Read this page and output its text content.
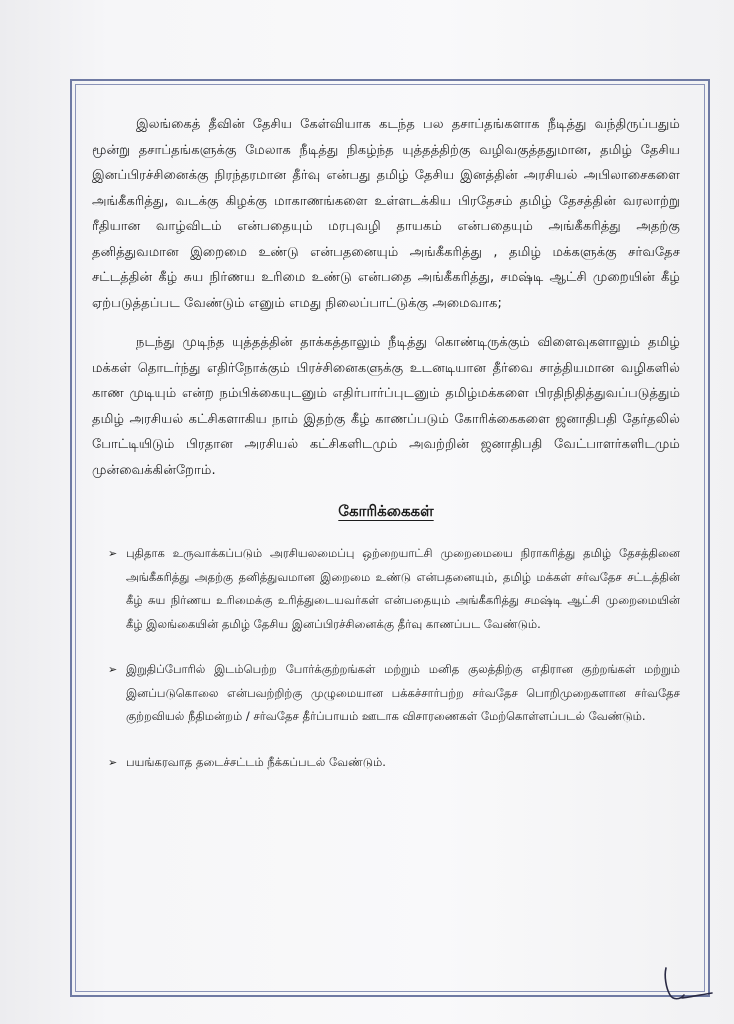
இலங்கைத் தீவின் தேசிய கேள்வியாக கடந்த பல தசாப்தங்களாக நீடித்து வந்திருப்பதும் மூன்று தசாப்தங்களுக்கு மேலாக நீடித்து நிகழ்ந்த யுத்தத்திற்கு வழிவகுத்ததுமான, தமிழ் தேசிய இனப்பிரச்சினைக்கு நிரந்தரமான தீர்வு என்பது தமிழ் தேசிய இனத்தின் அரசியல் அபிலாசைகளை அங்கீகரித்து, வடக்கு கிழக்கு மாகாணங்களை உள்ளடக்கிய பிரதேசம் தமிழ் தேசத்தின் வரலாற்று ரீதியான வாழ்விடம் என்பதையும் மரபுவழி தாயகம் என்பதையும் அங்கீகரித்து அதற்கு தனித்துவமான இறைமை உண்டு என்பதனையும் அங்கீகரித்து , தமிழ் மக்களுக்கு சர்வதேச சட்டத்தின் கீழ் சுய நிர்ணய உரிமை உண்டு என்பதை அங்கீகரித்து, சமஷ்டி ஆட்சி முறையின் கீழ் ஏற்படுத்தப்பட வேண்டும் எனும் எமது நிலைப்பாட்டுக்கு அமைவாக;

நடந்து முடிந்த யுத்தத்தின் தாக்கத்தாலும் நீடித்து கொண்டிருக்கும் விளைவுகளாலும் தமிழ் மக்கள் தொடர்ந்து எதிர்நோக்கும் பிரச்சினைகளுக்கு உடனடியான தீர்வை சாத்தியமான வழிகளில் காண முடியும் என்ற நம்பிக்கையுடனும் எதிர்பார்ப்புடனும் தமிழ்மக்களை பிரதிநிதித்துவப்படுத்தும் தமிழ் அரசியல் கட்சிகளாகிய நாம் இதற்கு கீழ் காணப்படும் கோரிக்கைகளை ஜனாதிபதி தேர்தலில் போட்டியிடும் பிரதான அரசியல் கட்சிகளிடமும் அவற்றின் ஜனாதிபதி வேட்பாளர்களிடமும் முன்வைக்கின்றோம்.

கோரிக்கைகள்
➢ புதிதாக உருவாக்கப்படும் அரசியலமைப்பு ஒற்றையாட்சி முறைமையை நிராகரித்து தமிழ் தேசத்தினை அங்கீகரித்து அதற்கு தனித்துவமான இறைமை உண்டு என்பதனையும், தமிழ் மக்கள் சர்வதேச சட்டத்தின் கீழ் சுய நிர்ணய உரிமைக்கு உரித்துடையவர்கள் என்பதையும் அங்கீகரித்து சமஷ்டி ஆட்சி முறைமையின் கீழ் இலங்கையின் தமிழ் தேசிய இனப்பிரச்சினைக்கு தீர்வு காணப்பட வேண்டும்.

➢ இறுதிப்போரில் இடம்பெற்ற போர்க்குற்றங்கள் மற்றும் மனித குலத்திற்கு எதிரான குற்றங்கள் மற்றும் இனப்படுகொலை என்பவற்றிற்கு முழுமையான பக்கச்சார்பற்ற சர்வதேச பொறிமுறைகளான சர்வதேச குற்றவியல் நீதிமன்றம் / சர்வதேச தீர்ப்பாயம் ஊடாக விசாரணைகள் மேற்கொள்ளப்படல் வேண்டும்.

➢ பயங்கரவாத தடைச்சட்டம் நீக்கப்படல் வேண்டும்.
